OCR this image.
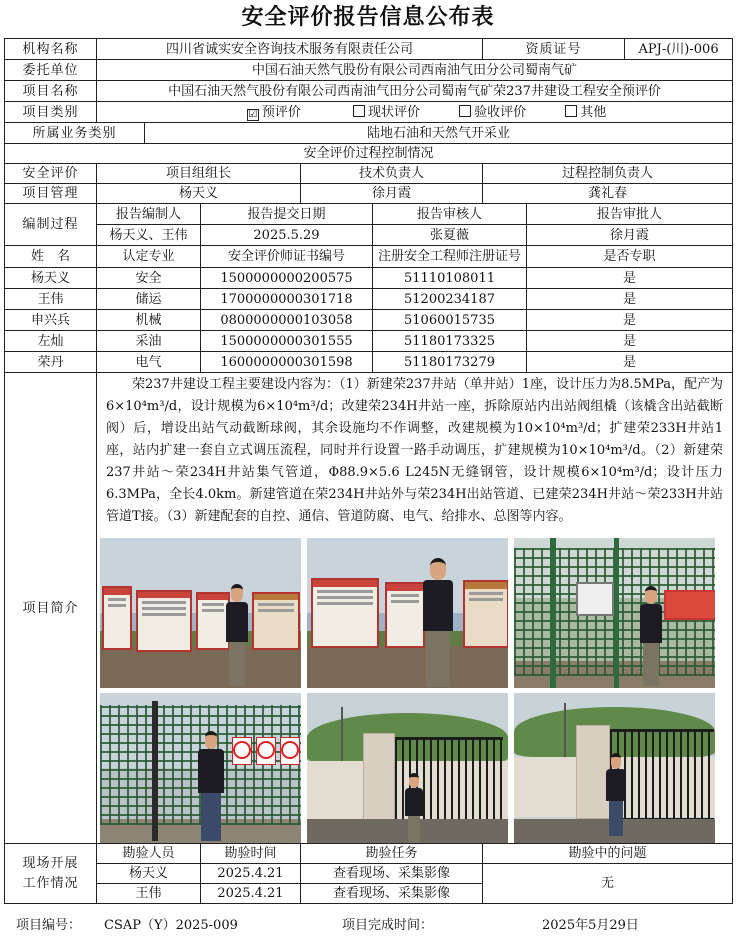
安全评价报告信息公布表
机构名称	四川省诚实安全咨询技术服务有限责任公司					资质证号		APJ-(川)-006
委托单位	中国石油天然气股份有限公司西南油气田分公司蜀南气矿							
项目名称	中国石油天然气股份有限公司西南油气田分公司蜀南气矿荣237井建设工程安全预评价							
项目类别	☑ 预评价 现状评价 验收评价 其他							
所属业务类别		陆地石油和天然气开采业						
安全评价过程控制情况								
安全评价	项目组组长			技术负责人		过程控制负责人		
项目管理	杨天义			徐月霞		龚礼春		
编制过程	报告编制人		报告提交日期		报告审核人		报告审批人	
	杨天义、王伟		2025.5.29		张夏薇		徐月霞	
姓　名	认定专业		安全评价师证书编号		注册安全工程师注册证号		是否专职	
杨天义	安全		1500000000200575		51110108011		是	
王伟	储运		1700000000301718		51200234187		是	
申兴兵	机械		0800000000103058		51060015735		是	
左灿	采油		1500000000301555		51180173325		是	
荣丹	电气		1600000000301598		51180173279		是	
项目简介	荣237井建设工程主要建设内容为：（1）新建荣237井站（单井站）1座，设计压力为8.5MPa，配产为6×10⁴m³/d，设计规模为6×10⁴m³/d；改建荣234H井站一座，拆除原站内出站阀组橇（该橇含出站截断阀）后，增设出站气动截断球阀，其余设施均不作调整，改建规模为10×10⁴m³/d；扩建荣233H井站1座，站内扩建一套自立式调压流程，同时并行设置一路手动调压，扩建规模为10×10⁴m³/d。（2）新建荣237井站～荣234H井站集气管道，Φ88.9×5.6 L245N无缝钢管，设计规模6×10⁴m³/d；设计压力6.3MPa，全长4.0km。新建管道在荣234H井站外与荣234H出站管道、已建荣234H井站～荣233H井站管道T接。（3）新建配套的自控、通信、管道防腐、电气、给排水、总图等内容。							

现场开展
工作情况	勘验人员		勘验时间	勘验任务		勘验中的问题		
	杨天义		2025.4.21	查看现场、采集影像		无		
	王伟		2025.4.21	查看现场、采集影像				
项目编号： CSAP（Y）2025-009	项目完成时间：	2025年5月29日
